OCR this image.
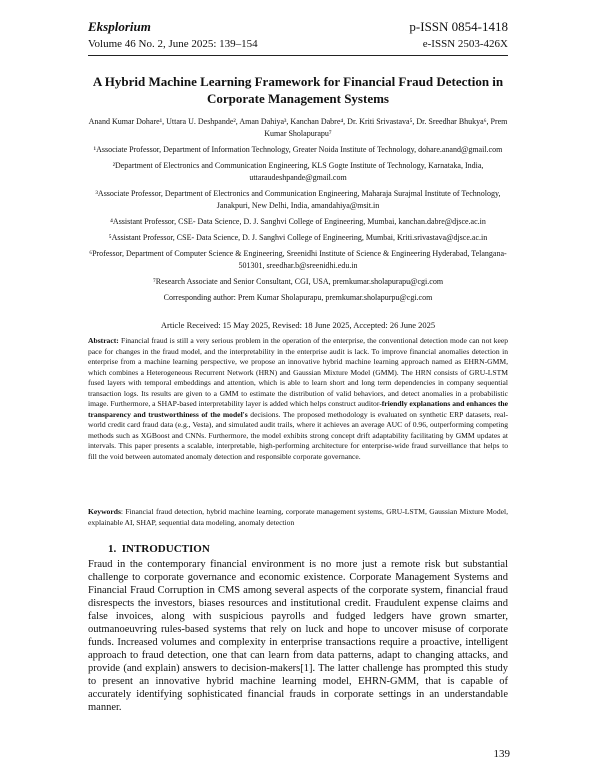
Eksplorium	p-ISSN 0854-1418
Volume 46 No. 2, June 2025: 139–154	e-ISSN 2503-426X
A Hybrid Machine Learning Framework for Financial Fraud Detection in Corporate Management Systems
Anand Kumar Dohare¹, Uttara U. Deshpande², Aman Dahiya³, Kanchan Dabre⁴, Dr. Kriti Srivastava⁵, Dr. Sreedhar Bhukya⁶, Prem Kumar Sholapurapu⁷
¹Associate Professor, Department of Information Technology, Greater Noida Institute of Technology, dohare.anand@gmail.com
²Department of Electronics and Communication Engineering, KLS Gogte Institute of Technology, Karnataka, India, uttaraudeshpande@gmail.com
³Associate Professor, Department of Electronics and Communication Engineering, Maharaja Surajmal Institute of Technology, Janakpuri, New Delhi, India, amandahiya@msit.in
⁴Assistant Professor, CSE- Data Science, D. J. Sanghvi College of Engineering, Mumbai, kanchan.dabre@djsce.ac.in
⁵Assistant Professor, CSE- Data Science, D. J. Sanghvi College of Engineering, Mumbai, Kriti.srivastava@djsce.ac.in
⁶Professor, Department of Computer Science & Engineering, Sreenidhi Institute of Science & Engineering Hyderabad, Telangana-501301, sreedhar.b@sreenidhi.edu.in
⁷Research Associate and Senior Consultant, CGI, USA, premkumar.sholapurapu@cgi.com
Corresponding author: Prem Kumar Sholapurapu, premkumar.sholapurpu@cgi.com
Article Received: 15 May 2025, Revised: 18 June 2025, Accepted: 26 June 2025
Abstract: Financial fraud is still a very serious problem in the operation of the enterprise, the conventional detection mode can not keep pace for changes in the fraud model, and the interpretability in the enterprise audit is lack. To improve financial anomalies detection in enterprise from a machine learning perspective, we propose an innovative hybrid machine learning approach named as EHRN-GMM, which combines a Heterogeneous Recurrent Network (HRN) and Gaussian Mixture Model (GMM). The HRN consists of GRU-LSTM fused layers with temporal embeddings and attention, which is able to learn short and long term dependencies in company sequential transaction logs. Its results are given to a GMM to estimate the distribution of valid behaviors, and detect anomalies in a probabilistic image. Furthermore, a SHAP-based interpretability layer is added which helps construct auditor-friendly explanations and enhances the transparency and trustworthiness of the model's decisions. The proposed methodology is evaluated on synthetic ERP datasets, real-world credit card fraud data (e.g., Vesta), and simulated audit trails, where it achieves an average AUC of 0.96, outperforming competing methods such as XGBoost and CNNs. Furthermore, the model exhibits strong concept drift adaptability facilitating by GMM updates at intervals. This paper presents a scalable, interpretable, high-performing architecture for enterprise-wide fraud surveillance that helps to fill the void between automated anomaly detection and responsible corporate governance.
Keywords: Financial fraud detection, hybrid machine learning, corporate management systems, GRU-LSTM, Gaussian Mixture Model, explainable AI, SHAP, sequential data modeling, anomaly detection
1. INTRODUCTION
Fraud in the contemporary financial environment is no more just a remote risk but substantial challenge to corporate governance and economic existence. Corporate Management Systems and Financial Fraud Corruption in CMS among several aspects of the corporate system, financial fraud disrespects the investors, biases resources and institutional credit. Fraudulent expense claims and false invoices, along with suspicious payrolls and fudged ledgers have grown smarter, outmanoeuvring rules-based systems that rely on luck and hope to uncover misuse of corporate funds. Increased volumes and complexity in enterprise transactions require a proactive, intelligent approach to fraud detection, one that can learn from data patterns, adapt to changing attacks, and provide (and explain) answers to decision-makers[1]. The latter challenge has prompted this study to present an innovative hybrid machine learning model, EHRN-GMM, that is capable of accurately identifying sophisticated financial frauds in corporate settings in an understandable manner.
139
